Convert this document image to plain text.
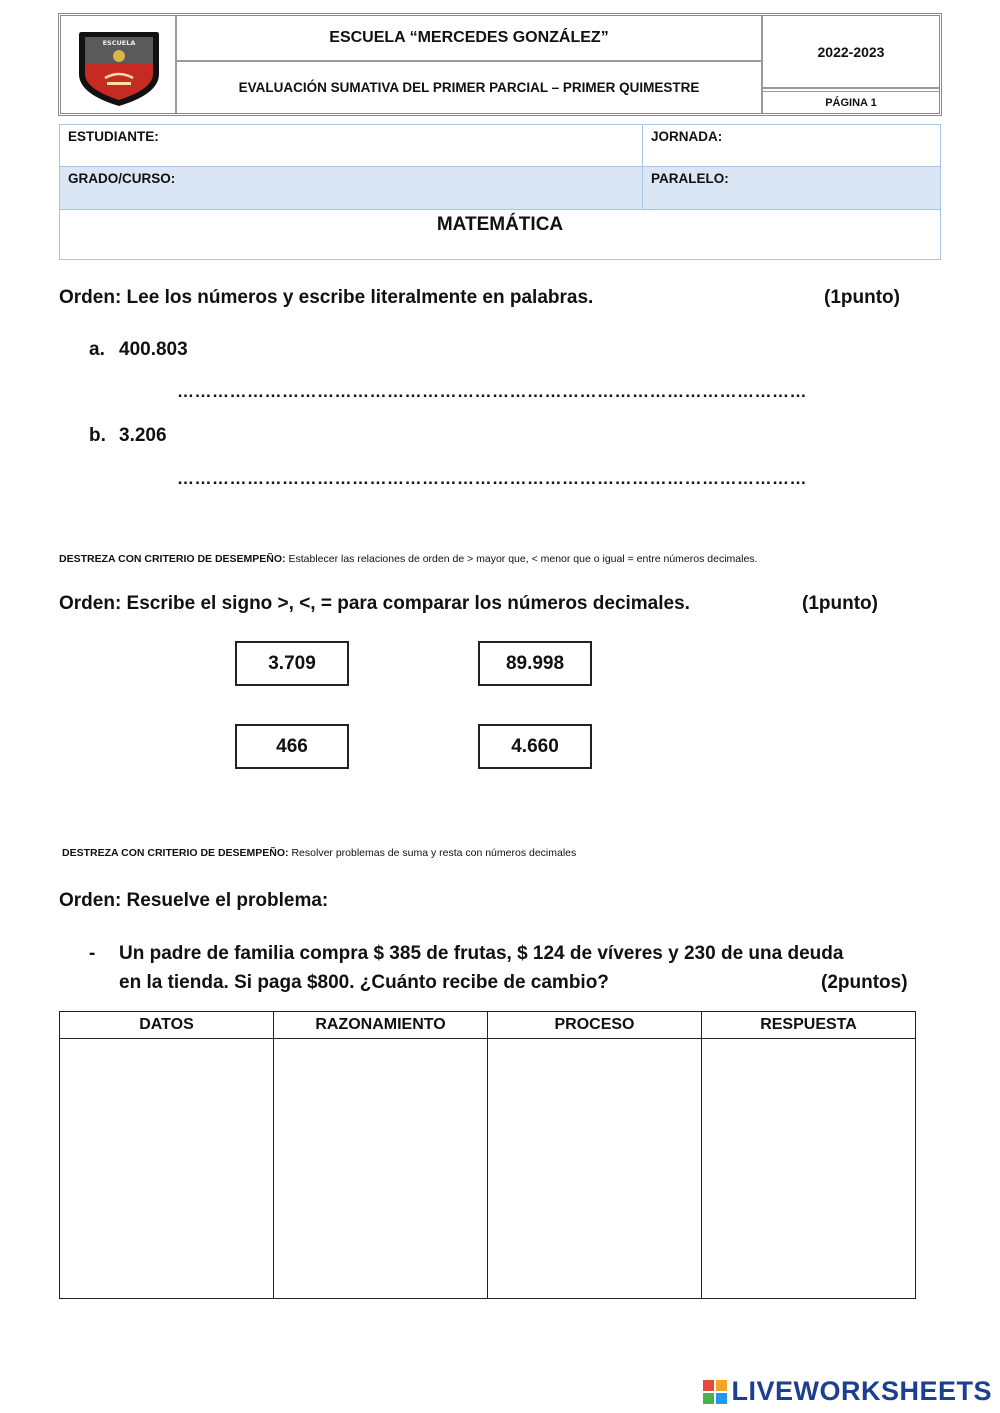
ESCUELA	ESCUELA “MERCEDES GONZÁLEZ”
EVALUACIÓN SUMATIVA DEL PRIMER PARCIAL – PRIMER QUIMESTRE
2022-2023
PÁGINA 1
ESTUDIANTE:	JORNADA:
GRADO/CURSO:	PARALELO:
MATEMÁTICA
Orden: Lee los números y escribe literalmente en palabras.	(1punto)
a. 400.803
………………………………………………………………………………………………
b. 3.206
………………………………………………………………………………………………
DESTREZA CON CRITERIO DE DESEMPEÑO: Establecer las relaciones de orden de > mayor que, < menor que o igual = entre números decimales.
Orden: Escribe el signo >, <, = para comparar los números decimales.	(1punto)
3.709	89.998
466	4.660
DESTREZA CON CRITERIO DE DESEMPEÑO: Resolver problemas de suma y resta con números decimales
Orden: Resuelve el problema:
- Un padre de familia compra $ 385 de frutas, $ 124 de víveres y 230 de una deuda
en la tienda. Si paga $800. ¿Cuánto recibe de cambio?	(2puntos)
DATOS	RAZONAMIENTO	PROCESO	RESPUESTA
LIVEWORKSHEETS
